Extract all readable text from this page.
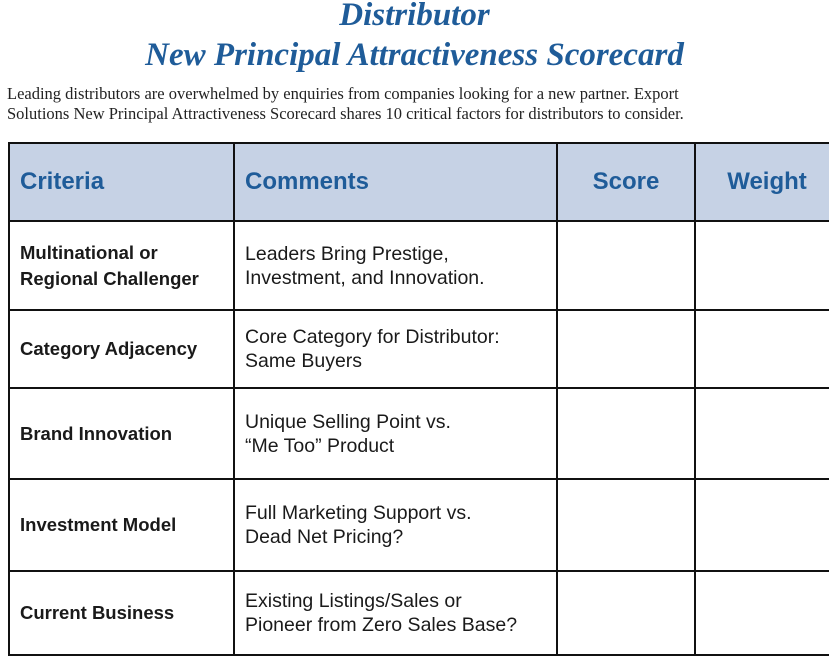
Distributor
New Principal Attractiveness Scorecard

Leading distributors are overwhelmed by enquiries from companies looking for a new partner. Export
Solutions New Principal Attractiveness Scorecard shares 10 critical factors for distributors to consider.

Criteria	Comments	Score	Weight

Multinational or
Regional Challenger	Leaders Bring Prestige,
Investment, and Innovation.		

Category Adjacency	Core Category for Distributor:
Same Buyers		

Brand Innovation	Unique Selling Point vs.
“Me Too” Product		

Investment Model	Full Marketing Support vs.
Dead Net Pricing?		

Current Business	Existing Listings/Sales or
Pioneer from Zero Sales Base?		
